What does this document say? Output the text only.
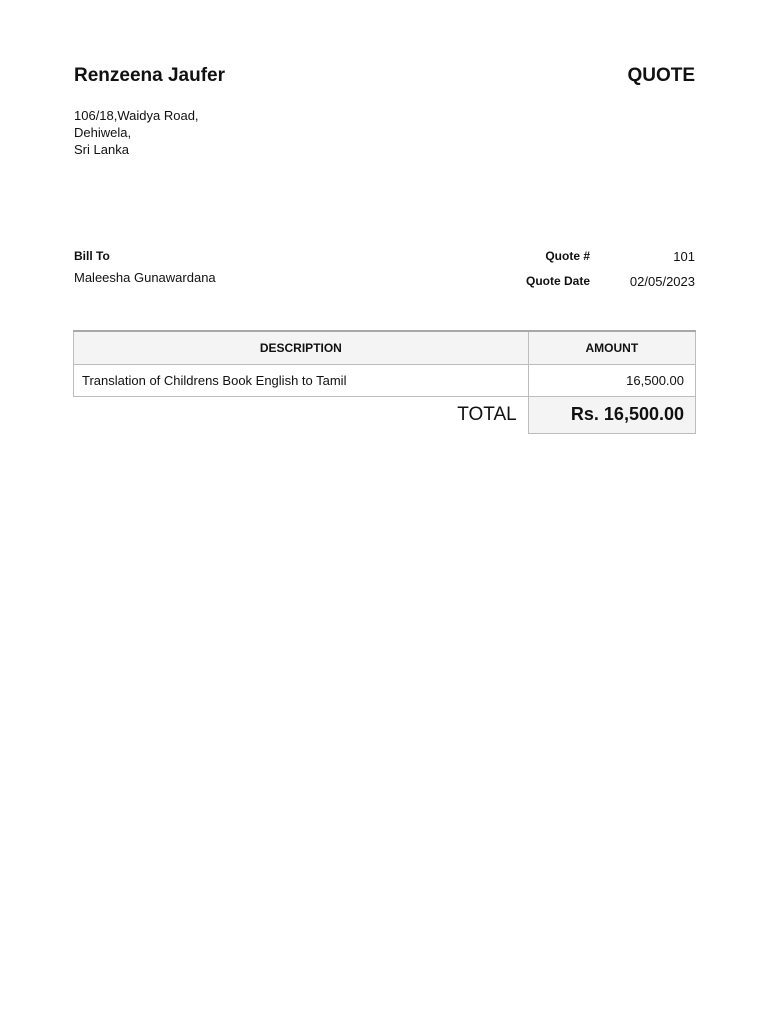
Renzeena Jaufer	QUOTE
106/18,Waidya Road,
Dehiwela,
Sri Lanka
Bill To
Maleesha Gunawardana
Quote #	101
Quote Date	02/05/2023
DESCRIPTION	AMOUNT
Translation of Childrens Book English to Tamil	16,500.00
TOTAL	Rs. 16,500.00
